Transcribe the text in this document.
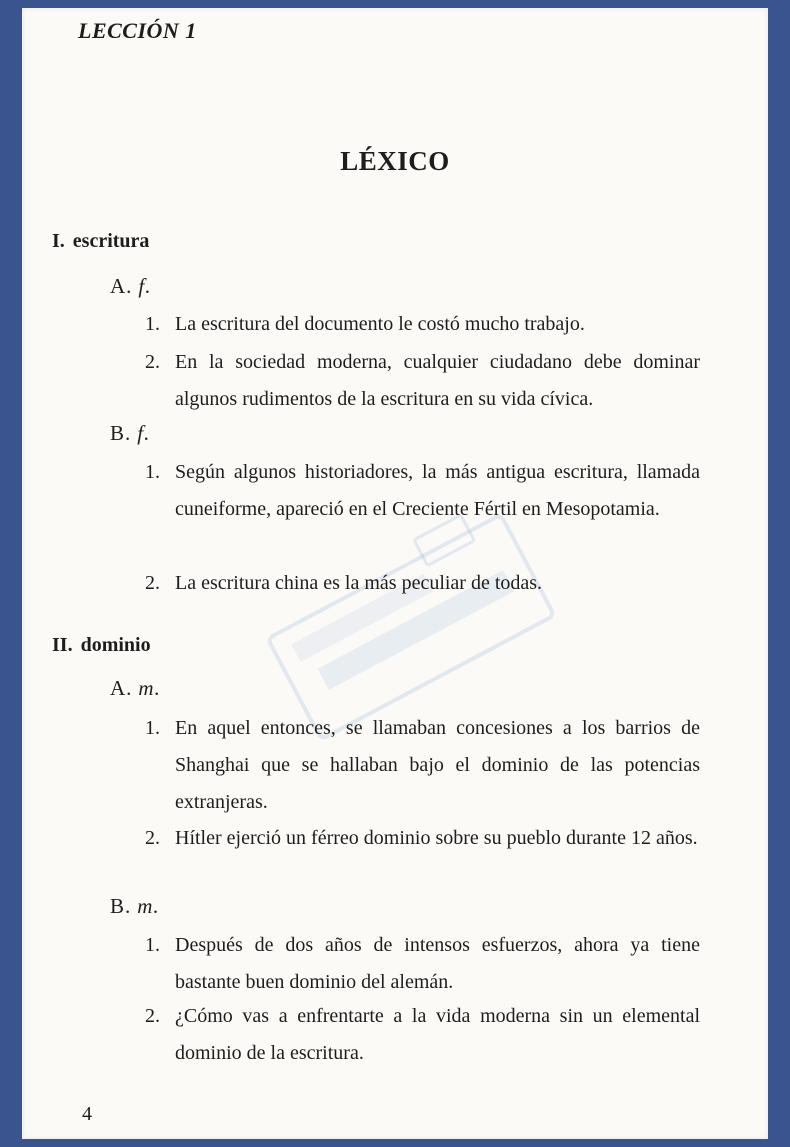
LECCIÓN 1
LÉXICO
I. escritura
A. f.
1. La escritura del documento le costó mucho trabajo.
2. En la sociedad moderna, cualquier ciudadano debe dominar algunos rudimentos de la escritura en su vida cívica.
B. f.
1. Según algunos historiadores, la más antigua escritura, llamada cuneiforme, apareció en el Creciente Fértil en Mesopotamia.
2. La escritura china es la más peculiar de todas.
II. dominio
A. m.
1. En aquel entonces, se llamaban concesiones a los barrios de Shanghai que se hallaban bajo el dominio de las potencias extranjeras.
2. Hítler ejerció un férreo dominio sobre su pueblo durante 12 años.
B. m.
1. Después de dos años de intensos esfuerzos, ahora ya tiene bastante buen dominio del alemán.
2. ¿Cómo vas a enfrentarte a la vida moderna sin un elemental dominio de la escritura.
4
